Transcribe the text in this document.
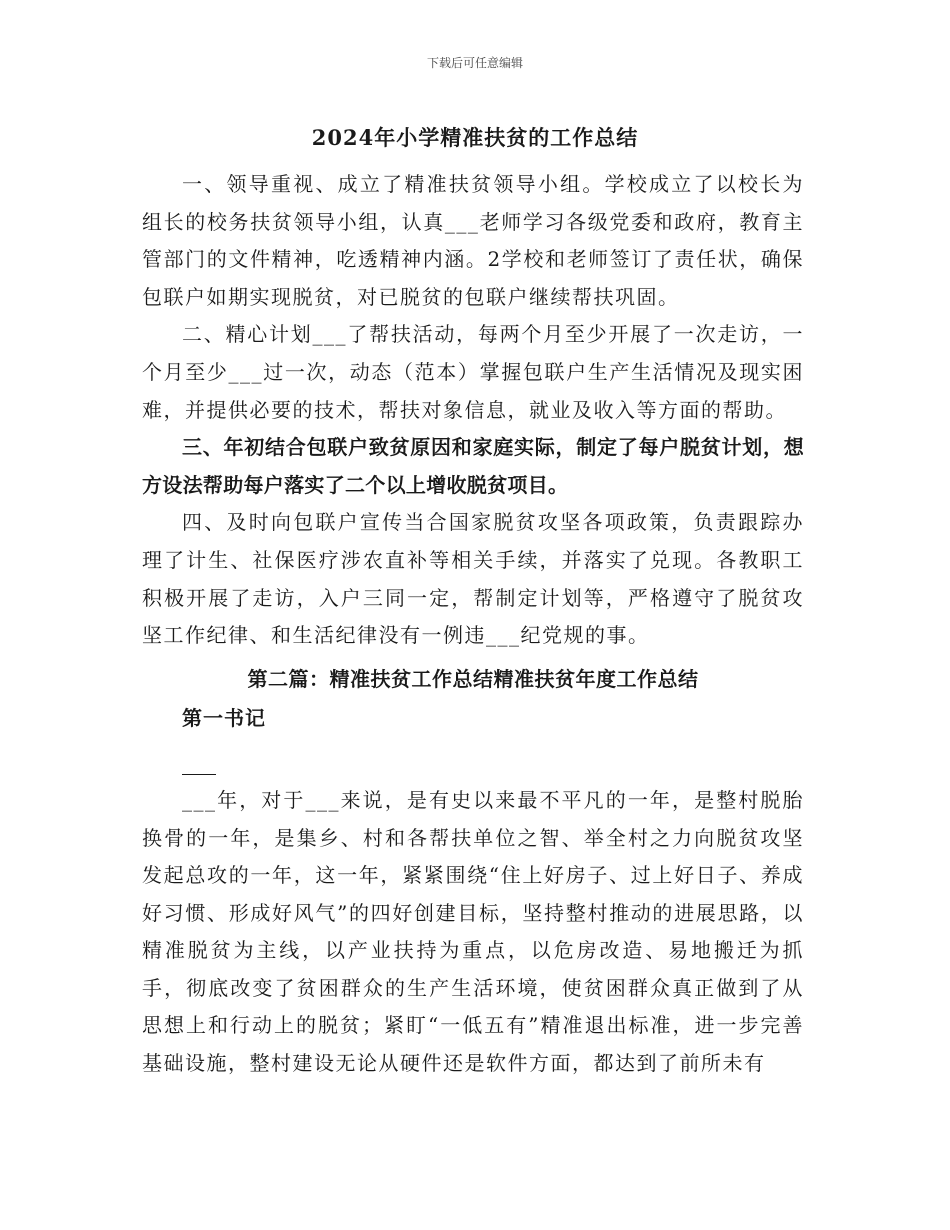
下载后可任意编辑
2024年小学精准扶贫的工作总结

一、领导重视、成立了精准扶贫领导小组。学校成立了以校长为组长的校务扶贫领导小组，认真___老师学习各级党委和政府，教育主管部门的文件精神，吃透精神内涵。2学校和老师签订了责任状，确保包联户如期实现脱贫，对已脱贫的包联户继续帮扶巩固。

二、精心计划___了帮扶活动，每两个月至少开展了一次走访，一个月至少___过一次，动态（范本）掌握包联户生产生活情况及现实困难，并提供必要的技术，帮扶对象信息，就业及收入等方面的帮助。

三、年初结合包联户致贫原因和家庭实际，制定了每户脱贫计划，想方设法帮助每户落实了二个以上增收脱贫项目。

四、及时向包联户宣传当合国家脱贫攻坚各项政策，负责跟踪办理了计生、社保医疗涉农直补等相关手续，并落实了兑现。各教职工积极开展了走访，入户三同一定，帮制定计划等，严格遵守了脱贫攻坚工作纪律、和生活纪律没有一例违___纪党规的事。

第二篇：精准扶贫工作总结精准扶贫年度工作总结

第一书记

___年，对于___来说，是有史以来最不平凡的一年，是整村脱胎换骨的一年，是集乡、村和各帮扶单位之智、举全村之力向脱贫攻坚发起总攻的一年，这一年，紧紧围绕“住上好房子、过上好日子、养成好习惯、形成好风气”的四好创建目标，坚持整村推动的进展思路，以精准脱贫为主线，以产业扶持为重点，以危房改造、易地搬迁为抓手，彻底改变了贫困群众的生产生活环境，使贫困群众真正做到了从思想上和行动上的脱贫；紧盯“一低五有”精准退出标准，进一步完善基础设施，整村建设无论从硬件还是软件方面，都达到了前所未有
